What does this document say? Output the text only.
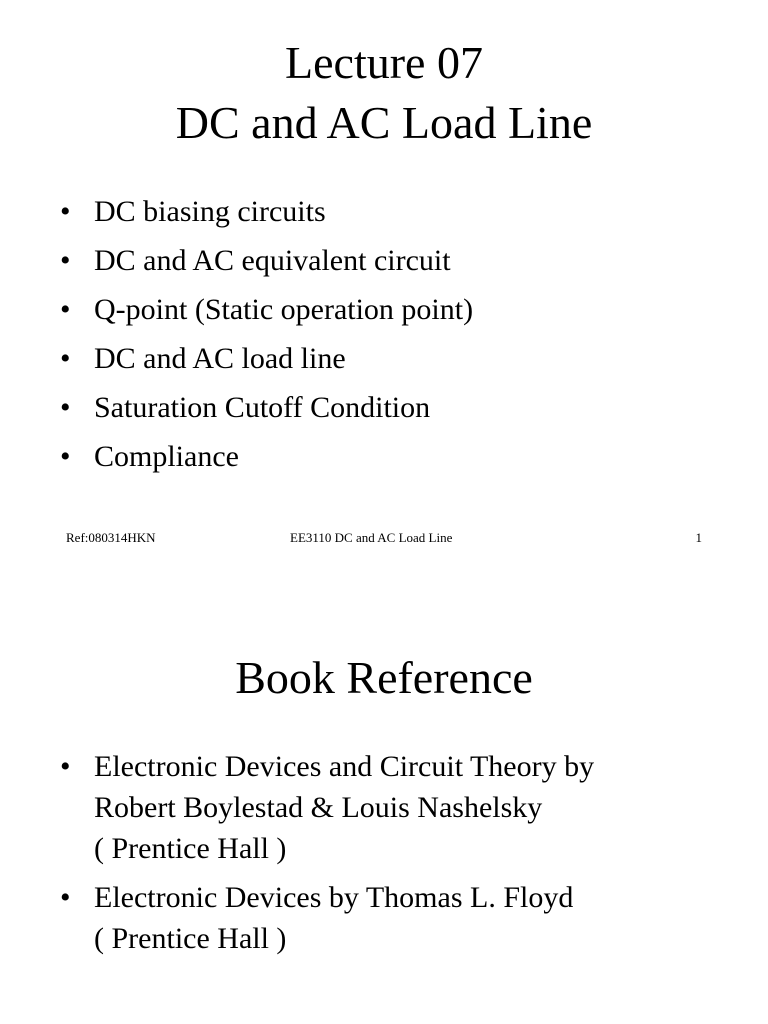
Lecture 07
DC and AC Load Line
• DC biasing circuits
• DC and AC equivalent circuit
• Q-point (Static operation point)
• DC and AC load line
• Saturation Cutoff Condition
• Compliance
Ref:080314HKN	EE3110 DC and AC Load Line	1
Book Reference
• Electronic Devices and Circuit Theory by
Robert Boylestad & Louis Nashelsky
( Prentice Hall )
• Electronic Devices by Thomas L. Floyd
( Prentice Hall )
